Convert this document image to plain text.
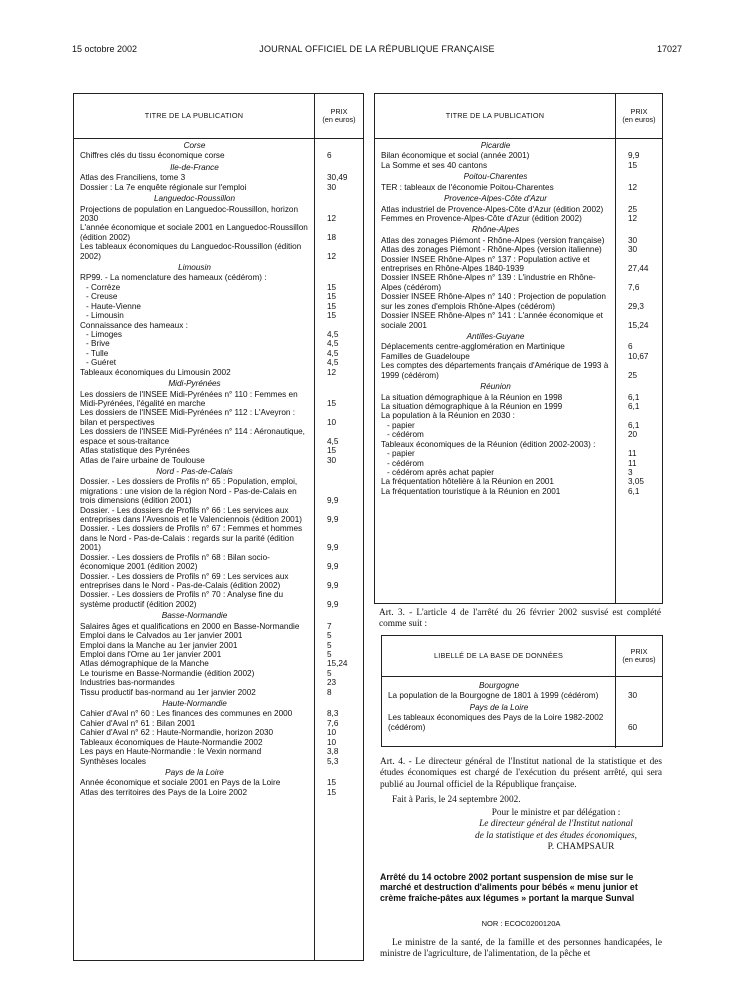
15 octobre 2002	JOURNAL OFFICIEL DE LA RÉPUBLIQUE FRANÇAISE	17027
TITRE DE LA PUBLICATION	PRIX
(en euros)
Corse
Chiffres clés du tissu économique corse	6
Ile-de-France
Atlas des Franciliens, tome 3	30,49
Dossier : La 7e enquête régionale sur l'emploi	30
Languedoc-Roussillon
Projections de population en Languedoc-Roussillon, horizon 2030	12
L'année économique et sociale 2001 en Languedoc-Roussillon (édition 2002)	18
Les tableaux économiques du Languedoc-Roussillon (édition 2002)	12
Limousin
RP99. - La nomenclature des hameaux (cédérom) :
- Corrèze	15
- Creuse	15
- Haute-Vienne	15
- Limousin	15
Connaissance des hameaux :
- Limoges	4,5
- Brive	4,5
- Tulle	4,5
- Guéret	4,5
Tableaux économiques du Limousin 2002	12
Midi-Pyrénées
Les dossiers de l'INSEE Midi-Pyrénées n° 110 : Femmes en Midi-Pyrénées, l'égalité en marche	15
Les dossiers de l'INSEE Midi-Pyrénées n° 112 : L'Aveyron : bilan et perspectives	10
Les dossiers de l'INSEE Midi-Pyrénées n° 114 : Aéronautique, espace et sous-traitance	4,5
Atlas statistique des Pyrénées	15
Atlas de l'aire urbaine de Toulouse	30
Nord - Pas-de-Calais
Dossier. - Les dossiers de Profils n° 65 : Population, emploi, migrations : une vision de la région Nord - Pas-de-Calais en trois dimensions (édition 2001)	9,9
Dossier. - Les dossiers de Profils n° 66 : Les services aux entreprises dans l'Avesnois et le Valenciennois (édition 2001)	9,9
Dossier. - Les dossiers de Profils n° 67 : Femmes et hommes dans le Nord - Pas-de-Calais : regards sur la parité (édition 2001)	9,9
Dossier. - Les dossiers de Profils n° 68 : Bilan socio-économique 2001 (édition 2002)	9,9
Dossier. - Les dossiers de Profils n° 69 : Les services aux entreprises dans le Nord - Pas-de-Calais (édition 2002)	9,9
Dossier. - Les dossiers de Profils n° 70 : Analyse fine du système productif (édition 2002)	9,9
Basse-Normandie
Salaires âges et qualifications en 2000 en Basse-Normandie	7
Emploi dans le Calvados au 1er janvier 2001	5
Emploi dans la Manche au 1er janvier 2001	5
Emploi dans l'Orne au 1er janvier 2001	5
Atlas démographique de la Manche	15,24
Le tourisme en Basse-Normandie (édition 2002)	5
Industries bas-normandes	23
Tissu productif bas-normand au 1er janvier 2002	8
Haute-Normandie
Cahier d'Aval n° 60 : Les finances des communes en 2000	8,3
Cahier d'Aval n° 61 : Bilan 2001	7,6
Cahier d'Aval n° 62 : Haute-Normandie, horizon 2030	10
Tableaux économiques de Haute-Normandie 2002	10
Les pays en Haute-Normandie : le Vexin normand	3,8
Synthèses locales	5,3
Pays de la Loire
Année économique et sociale 2001 en Pays de la Loire	15
Atlas des territoires des Pays de la Loire 2002	15
TITRE DE LA PUBLICATION	PRIX
(en euros)
Picardie
Bilan économique et social (année 2001)	9,9
La Somme et ses 40 cantons	15
Poitou-Charentes
TER : tableaux de l'économie Poitou-Charentes	12
Provence-Alpes-Côte d'Azur
Atlas industriel de Provence-Alpes-Côte d'Azur (édition 2002)	25
Femmes en Provence-Alpes-Côte d'Azur (édition 2002)	12
Rhône-Alpes
Atlas des zonages Piémont - Rhône-Alpes (version française)	30
Atlas des zonages Piémont - Rhône-Alpes (version italienne)	30
Dossier INSEE Rhône-Alpes n° 137 : Population active et entreprises en Rhône-Alpes 1840-1939	27,44
Dossier INSEE Rhône-Alpes n° 139 : L'industrie en Rhône-Alpes (cédérom)	7,6
Dossier INSEE Rhône-Alpes n° 140 : Projection de population sur les zones d'emplois Rhône-Alpes (cédérom)	29,3
Dossier INSEE Rhône-Alpes n° 141 : L'année économique et sociale 2001	15,24
Antilles-Guyane
Déplacements centre-agglomération en Martinique	6
Familles de Guadeloupe	10,67
Les comptes des départements français d'Amérique de 1993 à 1999 (cédérom)	25
Réunion
La situation démographique à la Réunion en 1998	6,1
La situation démographique à la Réunion en 1999	6,1
La population à la Réunion en 2030 :
- papier	6,1
- cédérom	20
Tableaux économiques de la Réunion (édition 2002-2003) :
- papier	11
- cédérom	11
- cédérom après achat papier	3
La fréquentation hôtelière à la Réunion en 2001	3,05
La fréquentation touristique à la Réunion en 2001	6,1
Art. 3. - L'article 4 de l'arrêté du 26 février 2002 susvisé est complété comme suit :
LIBELLÉ DE LA BASE DE DONNÉES	PRIX
(en euros)
Bourgogne
La population de la Bourgogne de 1801 à 1999 (cédérom)	30
Pays de la Loire
Les tableaux économiques des Pays de la Loire 1982-2002 (cédérom)	60
Art. 4. - Le directeur général de l'Institut national de la statistique et des études économiques est chargé de l'exécution du présent arrêté, qui sera publié au Journal officiel de la République française.
Fait à Paris, le 24 septembre 2002.
Pour le ministre et par délégation :
Le directeur général de l'Institut national
de la statistique et des études économiques,
P. CHAMPSAUR
Arrêté du 14 octobre 2002 portant suspension de mise sur le marché et destruction d'aliments pour bébés « menu junior et crème fraîche-pâtes aux légumes » portant la marque Sunval
NOR : ECOC0200120A
Le ministre de la santé, de la famille et des personnes handicapées, le ministre de l'agriculture, de l'alimentation, de la pêche et
